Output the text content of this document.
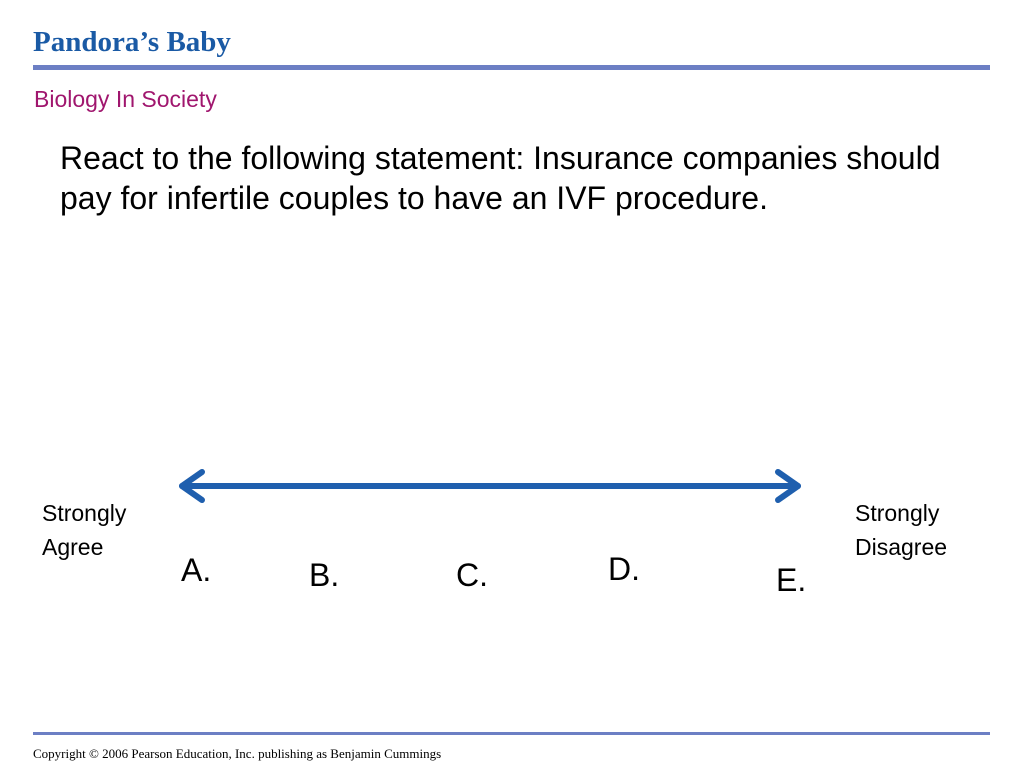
Pandora’s Baby
Biology In Society
React to the following statement: Insurance companies should pay for infertile couples to have an IVF procedure.
Strongly
Agree
Strongly
Disagree
A.	B.	C.	D.	E.
Copyright © 2006 Pearson Education, Inc. publishing as Benjamin Cummings
